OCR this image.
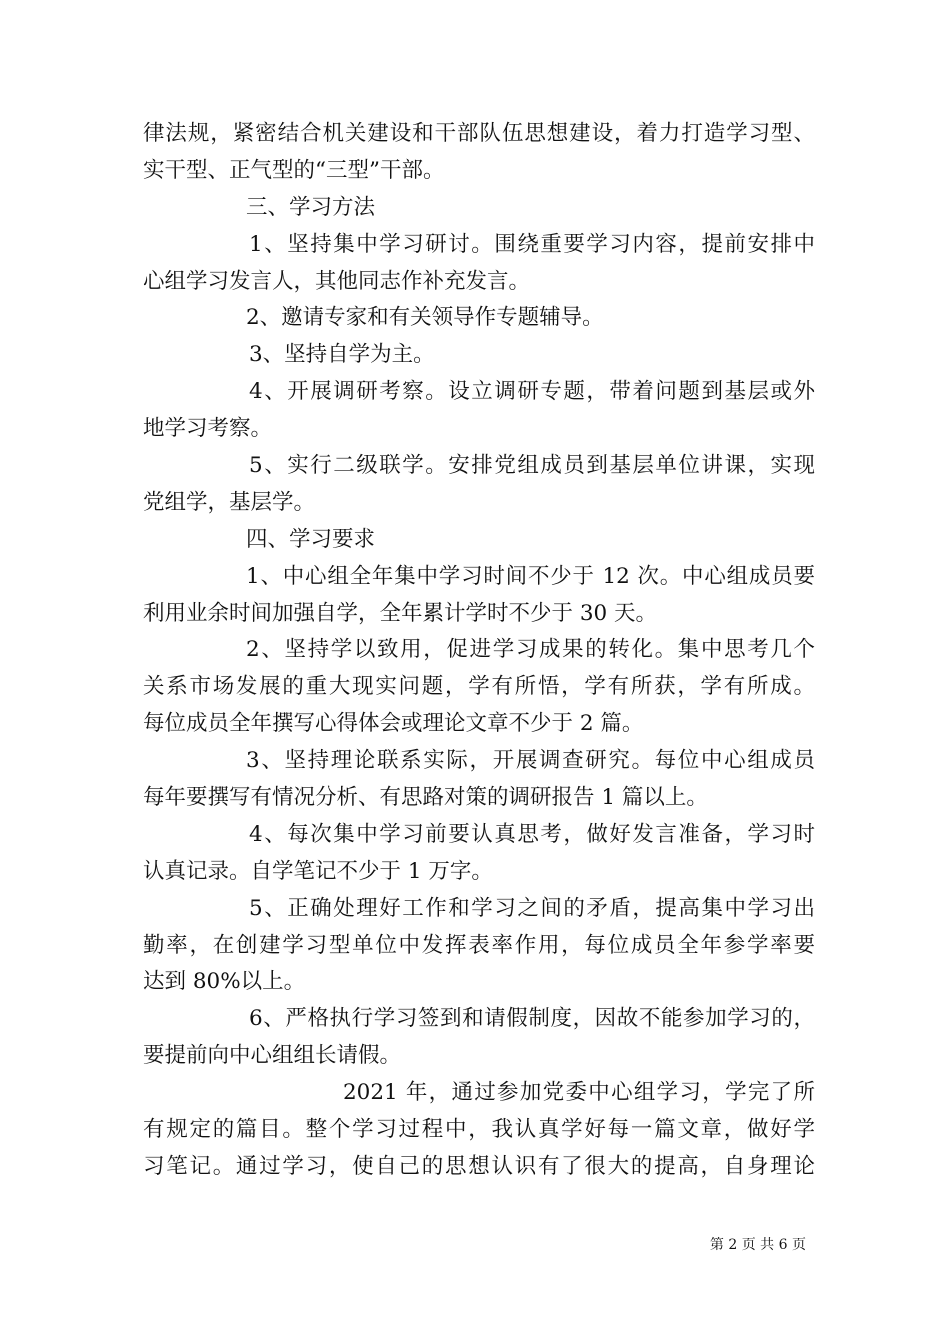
律法规，紧密结合机关建设和干部队伍思想建设，着力打造学习型、
实干型、正气型的“三型”干部。
三、学习方法
1、坚持集中学习研讨。围绕重要学习内容，提前安排中
心组学习发言人，其他同志作补充发言。
2、邀请专家和有关领导作专题辅导。
3、坚持自学为主。
4、开展调研考察。设立调研专题，带着问题到基层或外
地学习考察。
5、实行二级联学。安排党组成员到基层单位讲课，实现
党组学，基层学。
四、学习要求
1、中心组全年集中学习时间不少于 12 次。中心组成员要
利用业余时间加强自学，全年累计学时不少于 30 天。
2、坚持学以致用，促进学习成果的转化。集中思考几个
关系市场发展的重大现实问题，学有所悟，学有所获，学有所成。
每位成员全年撰写心得体会或理论文章不少于 2 篇。
3、坚持理论联系实际，开展调查研究。每位中心组成员
每年要撰写有情况分析、有思路对策的调研报告 1 篇以上。
4、每次集中学习前要认真思考，做好发言准备，学习时
认真记录。自学笔记不少于 1 万字。
5、正确处理好工作和学习之间的矛盾，提高集中学习出
勤率，在创建学习型单位中发挥表率作用，每位成员全年参学率要
达到 80%以上。
6、严格执行学习签到和请假制度，因故不能参加学习的，
要提前向中心组组长请假。
2021 年，通过参加党委中心组学习，学完了所
有规定的篇目。整个学习过程中，我认真学好每一篇文章，做好学
习笔记。通过学习，使自己的思想认识有了很大的提高，自身理论
第 2 页 共 6 页
